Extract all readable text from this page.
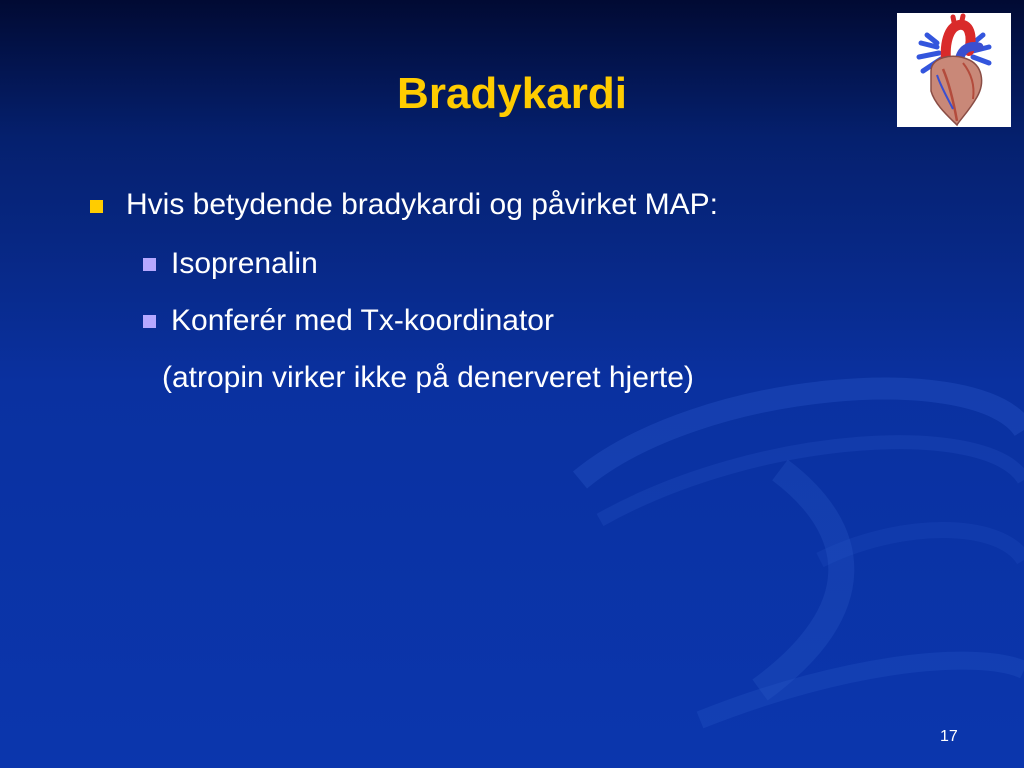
Bradykardi
Hvis betydende bradykardi og påvirket MAP:
Isoprenalin
Konferér med Tx-koordinator
(atropin virker ikke på denerveret hjerte)
17
